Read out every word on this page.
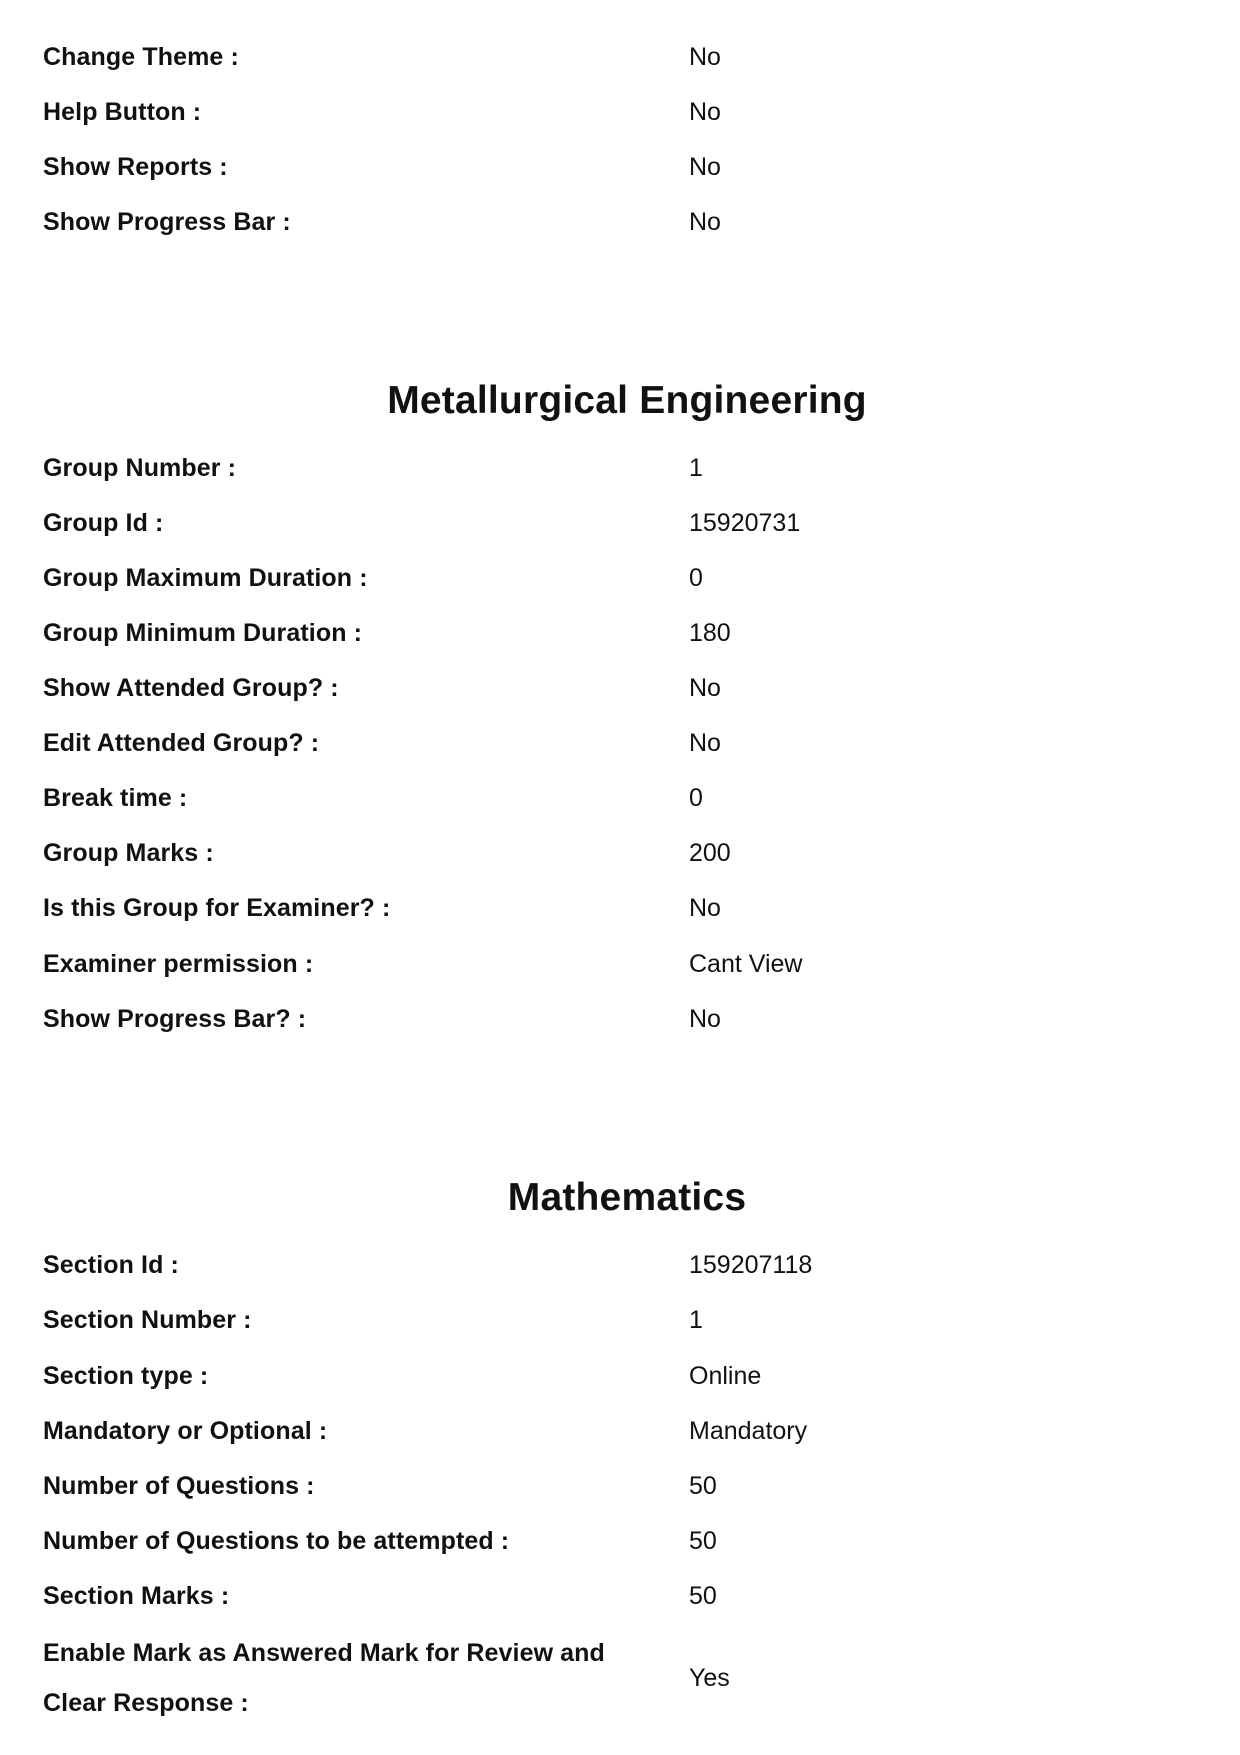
Change Theme :	No
Help Button :	No
Show Reports :	No
Show Progress Bar :	No
Metallurgical Engineering
Group Number :	1
Group Id :	15920731
Group Maximum Duration :	0
Group Minimum Duration :	180
Show Attended Group? :	No
Edit Attended Group? :	No
Break time :	0
Group Marks :	200
Is this Group for Examiner? :	No
Examiner permission :	Cant View
Show Progress Bar? :	No
Mathematics
Section Id :	159207118
Section Number :	1
Section type :	Online
Mandatory or Optional :	Mandatory
Number of Questions :	50
Number of Questions to be attempted :	50
Section Marks :	50
Enable Mark as Answered Mark for Review and Clear Response :
Yes
